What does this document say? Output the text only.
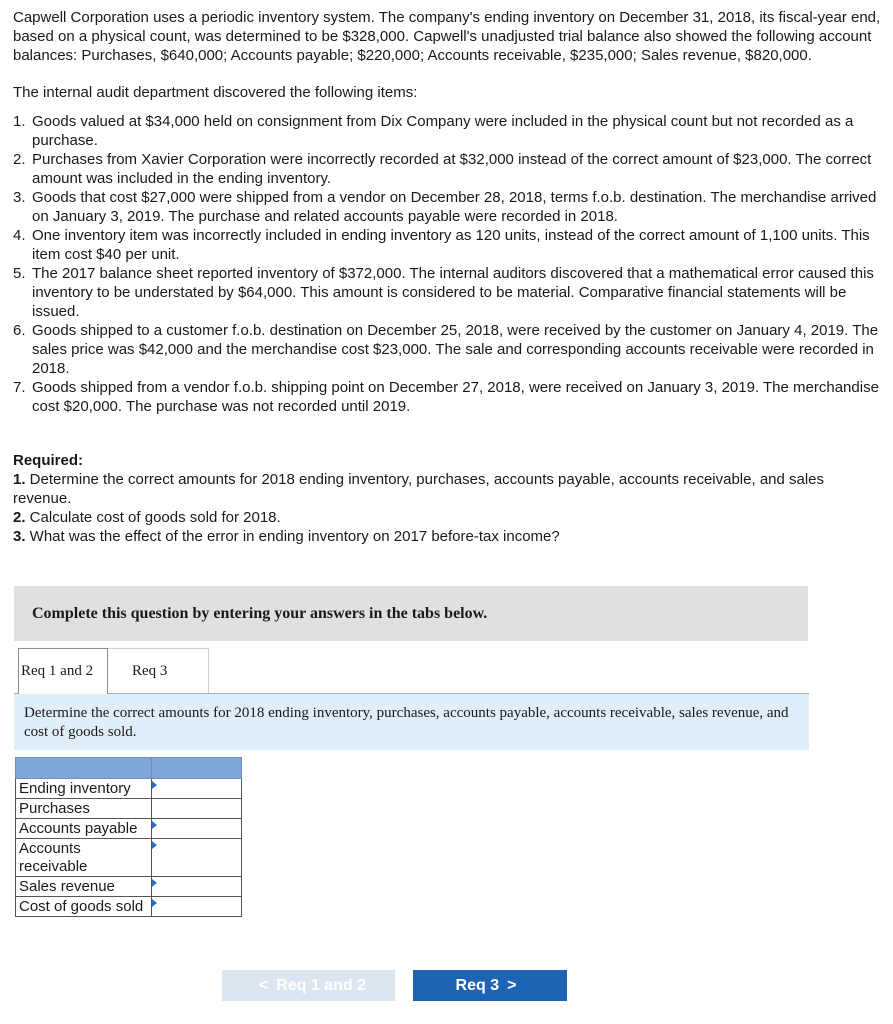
Capwell Corporation uses a periodic inventory system. The company's ending inventory on December 31, 2018, its fiscal-year end, based on a physical count, was determined to be $328,000. Capwell's unadjusted trial balance also showed the following account balances: Purchases, $640,000; Accounts payable; $220,000; Accounts receivable, $235,000; Sales revenue, $820,000.

The internal audit department discovered the following items:

1. Goods valued at $34,000 held on consignment from Dix Company were included in the physical count but not recorded as a purchase.
2. Purchases from Xavier Corporation were incorrectly recorded at $32,000 instead of the correct amount of $23,000. The correct amount was included in the ending inventory.
3. Goods that cost $27,000 were shipped from a vendor on December 28, 2018, terms f.o.b. destination. The merchandise arrived on January 3, 2019. The purchase and related accounts payable were recorded in 2018.
4. One inventory item was incorrectly included in ending inventory as 120 units, instead of the correct amount of 1,100 units. This item cost $40 per unit.
5. The 2017 balance sheet reported inventory of $372,000. The internal auditors discovered that a mathematical error caused this inventory to be understated by $64,000. This amount is considered to be material. Comparative financial statements will be issued.
6. Goods shipped to a customer f.o.b. destination on December 25, 2018, were received by the customer on January 4, 2019. The sales price was $42,000 and the merchandise cost $23,000. The sale and corresponding accounts receivable were recorded in 2018.
7. Goods shipped from a vendor f.o.b. shipping point on December 27, 2018, were received on January 3, 2019. The merchandise cost $20,000. The purchase was not recorded until 2019.

Required:

1. Determine the correct amounts for 2018 ending inventory, purchases, accounts payable, accounts receivable, and sales revenue.

2. Calculate cost of goods sold for 2018.

3. What was the effect of the error in ending inventory on 2017 before-tax income?

Complete this question by entering your answers in the tabs below.
Req 1 and 2	Req 3
Determine the correct amounts for 2018 ending inventory, purchases, accounts payable, accounts receivable, sales revenue, and cost of goods sold.

Ending inventory	

Purchases	

Accounts payable	

Accounts receivable	

Sales revenue	

Cost of goods sold	
< Req 1 and 2	Req 3 >
